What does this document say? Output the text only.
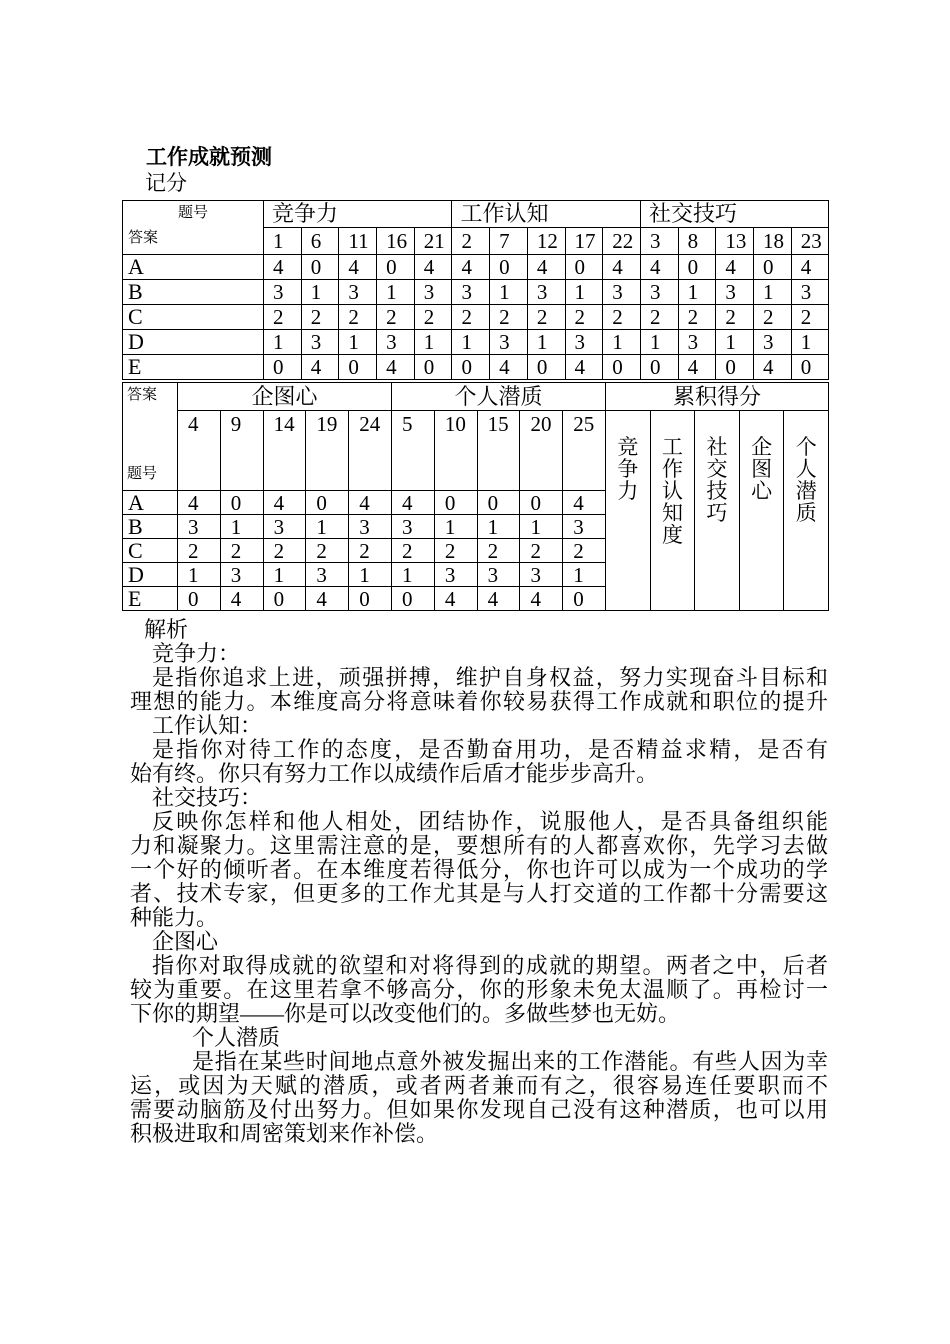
工作成就预测
记分
题号
答案	竞争力					工作认知					社交技巧				
	1	6	11	16	21	2	7	12	17	22	3	8	13	18	23
A	4	0	4	0	4	4	0	4	0	4	4	0	4	0	4
B	3	1	3	1	3	3	1	3	1	3	3	1	3	1	3
C	2	2	2	2	2	2	2	2	2	2	2	2	2	2	2
D	1	3	1	3	1	1	3	1	3	1	1	3	1	3	1
E	0	4	0	4	0	0	4	0	4	0	0	4	0	4	0
答案
题号	企图心					个人潜质					累积得分				
	4	9	14	19	24	5	10	15	20	25	竞争力	工作认知度	社交技巧	企图心	个人潜质

A	4	0	4	0	4	4	0	0	0	4					
B	3	1	3	1	3	3	1	1	1	3					
C	2	2	2	2	2	2	2	2	2	2					
D	1	3	1	3	1	1	3	3	3	1					
E	0	4	0	4	0	0	4	4	4	0					
解析
竞争力：
是指你追求上进，顽强拼搏，维护自身权益，努力实现奋斗目标和
理想的能力。本维度高分将意味着你较易获得工作成就和职位的提升
工作认知：
是指你对待工作的态度，是否勤奋用功，是否精益求精，是否有
始有终。你只有努力工作以成绩作后盾才能步步高升。
社交技巧：
反映你怎样和他人相处，团结协作，说服他人，是否具备组织能
力和凝聚力。这里需注意的是，要想所有的人都喜欢你，先学习去做
一个好的倾听者。在本维度若得低分，你也许可以成为一个成功的学
者、技术专家，但更多的工作尤其是与人打交道的工作都十分需要这
种能力。
企图心
指你对取得成就的欲望和对将得到的成就的期望。两者之中，后者
较为重要。在这里若拿不够高分，你的形象未免太温顺了。再检讨一
下你的期望——你是可以改变他们的。多做些梦也无妨。
个人潜质
是指在某些时间地点意外被发掘出来的工作潜能。有些人因为幸
运，或因为天赋的潜质，或者两者兼而有之，很容易连任要职而不
需要动脑筋及付出努力。但如果你发现自己没有这种潜质，也可以用
积极进取和周密策划来作补偿。
